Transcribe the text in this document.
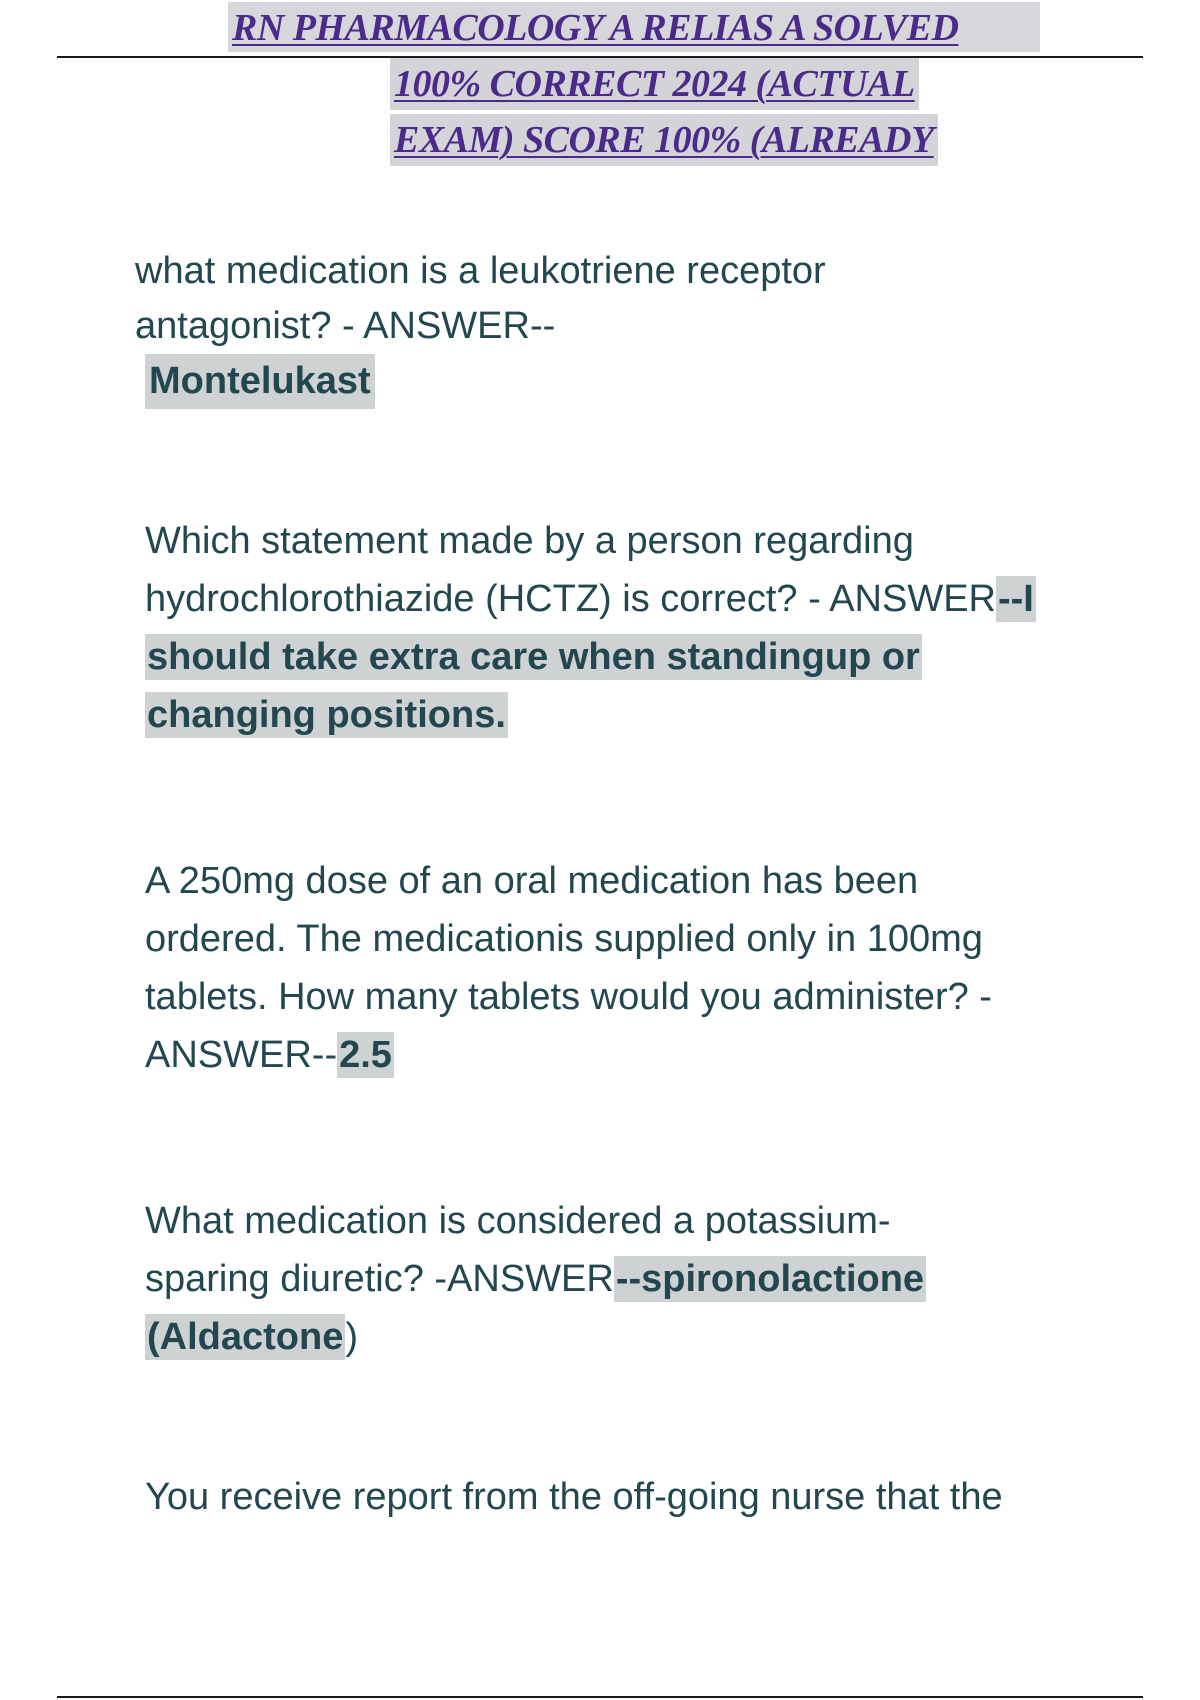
RN PHARMACOLOGY A RELIAS A SOLVED
100% CORRECT 2024 (ACTUAL
EXAM) SCORE 100% (ALREADY
what medication is a leukotriene receptor
antagonist? - ANSWER--
Montelukast
Which statement made by a person regarding
hydrochlorothiazide (HCTZ) is correct? - ANSWER--I
should take extra care when standingup or
changing positions.
A 250mg dose of an oral medication has been
ordered. The medicationis supplied only in 100mg
tablets. How many tablets would you administer? -
ANSWER--2.5
What medication is considered a potassium-
sparing diuretic? -ANSWER--spironolactione
(Aldactone)
You receive report from the off-going nurse that the
